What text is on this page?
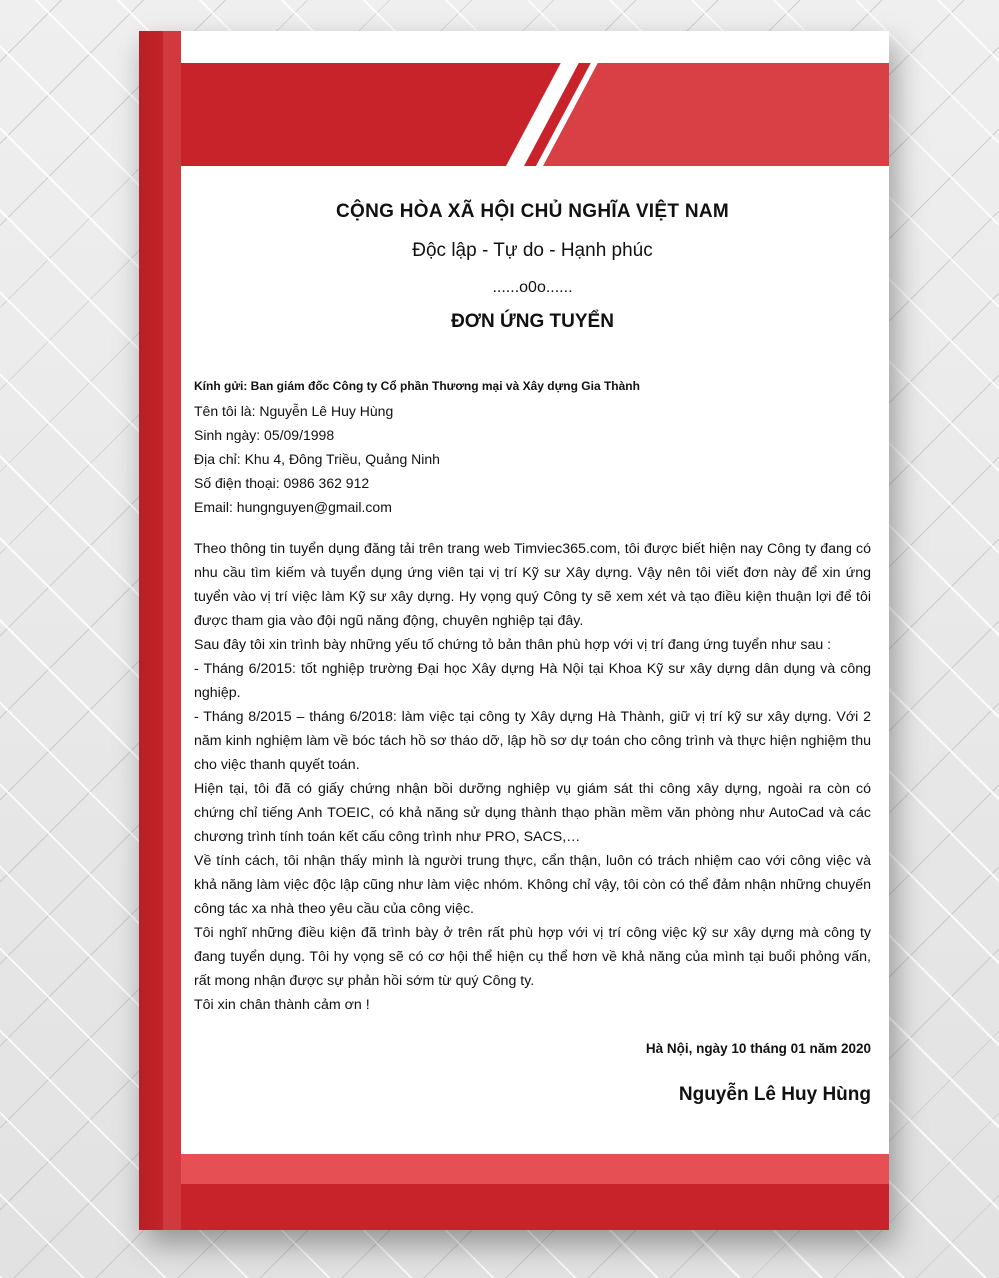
CỘNG HÒA XÃ HỘI CHỦ NGHĨA VIỆT NAM
Độc lập - Tự do - Hạnh phúc
......o0o......
ĐƠN ỨNG TUYỂN
Kính gửi: Ban giám đốc Công ty Cổ phần Thương mại và Xây dựng Gia Thành
Tên tôi là: Nguyễn Lê Huy Hùng
Sinh ngày: 05/09/1998
Địa chỉ: Khu 4, Đông Triều, Quảng Ninh
Số điện thoại: 0986 362 912
Email: hungnguyen@gmail.com

Theo thông tin tuyển dụng đăng tải trên trang web Timviec365.com, tôi được biết hiện nay Công ty đang có nhu cầu tìm kiếm và tuyển dụng ứng viên tại vị trí Kỹ sư Xây dựng. Vậy nên tôi viết đơn này để xin ứng tuyển vào vị trí việc làm Kỹ sư xây dựng. Hy vọng quý Công ty sẽ xem xét và tạo điều kiện thuận lợi để tôi được tham gia vào đội ngũ năng động, chuyên nghiệp tại đây.

Sau đây tôi xin trình bày những yếu tố chứng tỏ bản thân phù hợp với vị trí đang ứng tuyển như sau :

- Tháng 6/2015: tốt nghiệp trường Đại học Xây dựng Hà Nội tại Khoa Kỹ sư xây dựng dân dụng và công nghiệp.

- Tháng 8/2015 – tháng 6/2018: làm việc tại công ty Xây dựng Hà Thành, giữ vị trí kỹ sư xây dựng. Với 2 năm kinh nghiệm làm về bóc tách hồ sơ tháo dỡ, lập hồ sơ dự toán cho công trình và thực hiện nghiệm thu cho việc thanh quyết toán.

Hiện tại, tôi đã có giấy chứng nhận bồi dưỡng nghiệp vụ giám sát thi công xây dựng, ngoài ra còn có chứng chỉ tiếng Anh TOEIC, có khả năng sử dụng thành thạo phần mềm văn phòng như AutoCad và các chương trình tính toán kết cấu công trình như PRO, SACS,…

Về tính cách, tôi nhận thấy mình là người trung thực, cẩn thận, luôn có trách nhiệm cao với công việc và khả năng làm việc độc lập cũng như làm việc nhóm. Không chỉ vậy, tôi còn có thể đảm nhận những chuyến công tác xa nhà theo yêu cầu của công việc.

Tôi nghĩ những điều kiện đã trình bày ở trên rất phù hợp với vị trí công việc kỹ sư xây dựng mà công ty đang tuyển dụng. Tôi hy vọng sẽ có cơ hội thể hiện cụ thể hơn về khả năng của mình tại buổi phỏng vấn, rất mong nhận được sự phản hồi sớm từ quý Công ty.

Tôi xin chân thành cảm ơn !

Hà Nội, ngày 10 tháng 01 năm 2020
Nguyễn Lê Huy Hùng
